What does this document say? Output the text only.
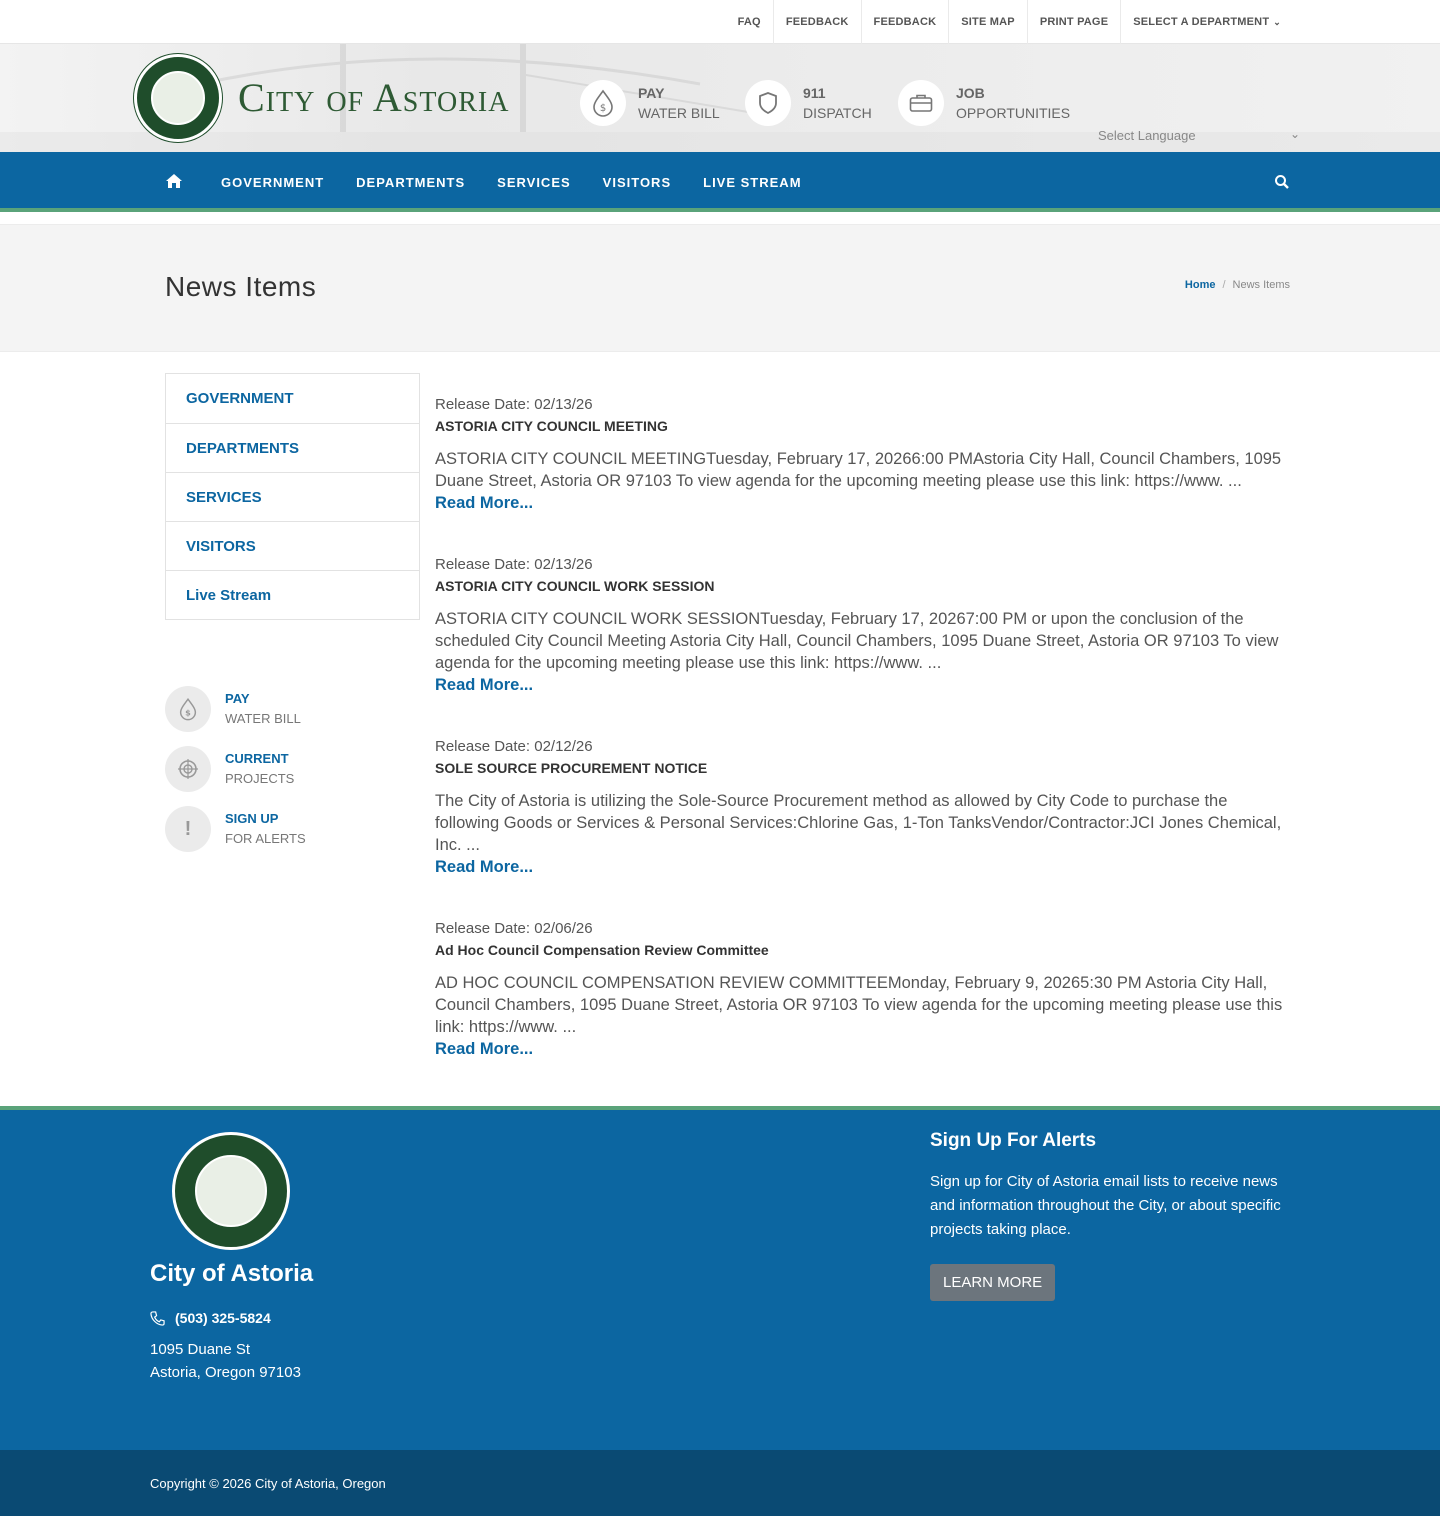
FAQ	FEEDBACK	FEEDBACK	SITE MAP	PRINT PAGE	SELECT A DEPARTMENT ⌄
City of Astoria	$
PAY
WATER BILL
911
DISPATCH
JOB
OPPORTUNITIES
Select Language	⌄
GOVERNMENT	DEPARTMENTS	SERVICES	VISITORS	LIVE STREAM
News Items	Home / News Items
GOVERNMENT
DEPARTMENTS
SERVICES
VISITORS
Live Stream
$
PAY
WATER BILL
CURRENT
PROJECTS
!	SIGN UP
FOR ALERTS
Release Date: 02/13/26
ASTORIA CITY COUNCIL MEETING
ASTORIA CITY COUNCIL MEETINGTuesday, February 17, 20266:00 PMAstoria City Hall, Council Chambers, 1095 Duane Street, Astoria OR 97103 To view agenda for the upcoming meeting please use this link: https://www. ...
Read More...
Release Date: 02/13/26
ASTORIA CITY COUNCIL WORK SESSION
ASTORIA CITY COUNCIL WORK SESSIONTuesday, February 17, 20267:00 PM or upon the conclusion of the scheduled City Council Meeting Astoria City Hall, Council Chambers, 1095 Duane Street, Astoria OR 97103 To view agenda for the upcoming meeting please use this link: https://www. ...
Read More...
Release Date: 02/12/26
SOLE SOURCE PROCUREMENT NOTICE
The City of Astoria is utilizing the Sole-Source Procurement method as allowed by City Code to purchase the following Goods or Services & Personal Services:Chlorine Gas, 1-Ton TanksVendor/Contractor:JCI Jones Chemical, Inc. ...
Read More...
Release Date: 02/06/26
Ad Hoc Council Compensation Review Committee
AD HOC COUNCIL COMPENSATION REVIEW COMMITTEEMonday, February 9, 20265:30 PM Astoria City Hall, Council Chambers, 1095 Duane Street, Astoria OR 97103 To view agenda for the upcoming meeting please use this link: https://www. ...
Read More...
City of Astoria
(503) 325-5824
1095 Duane St
Astoria, Oregon 97103
Sign Up For Alerts

Sign up for City of Astoria email lists to receive news and information throughout the City, or about specific projects taking place.

LEARN MORE
Copyright © 2026 City of Astoria, Oregon
